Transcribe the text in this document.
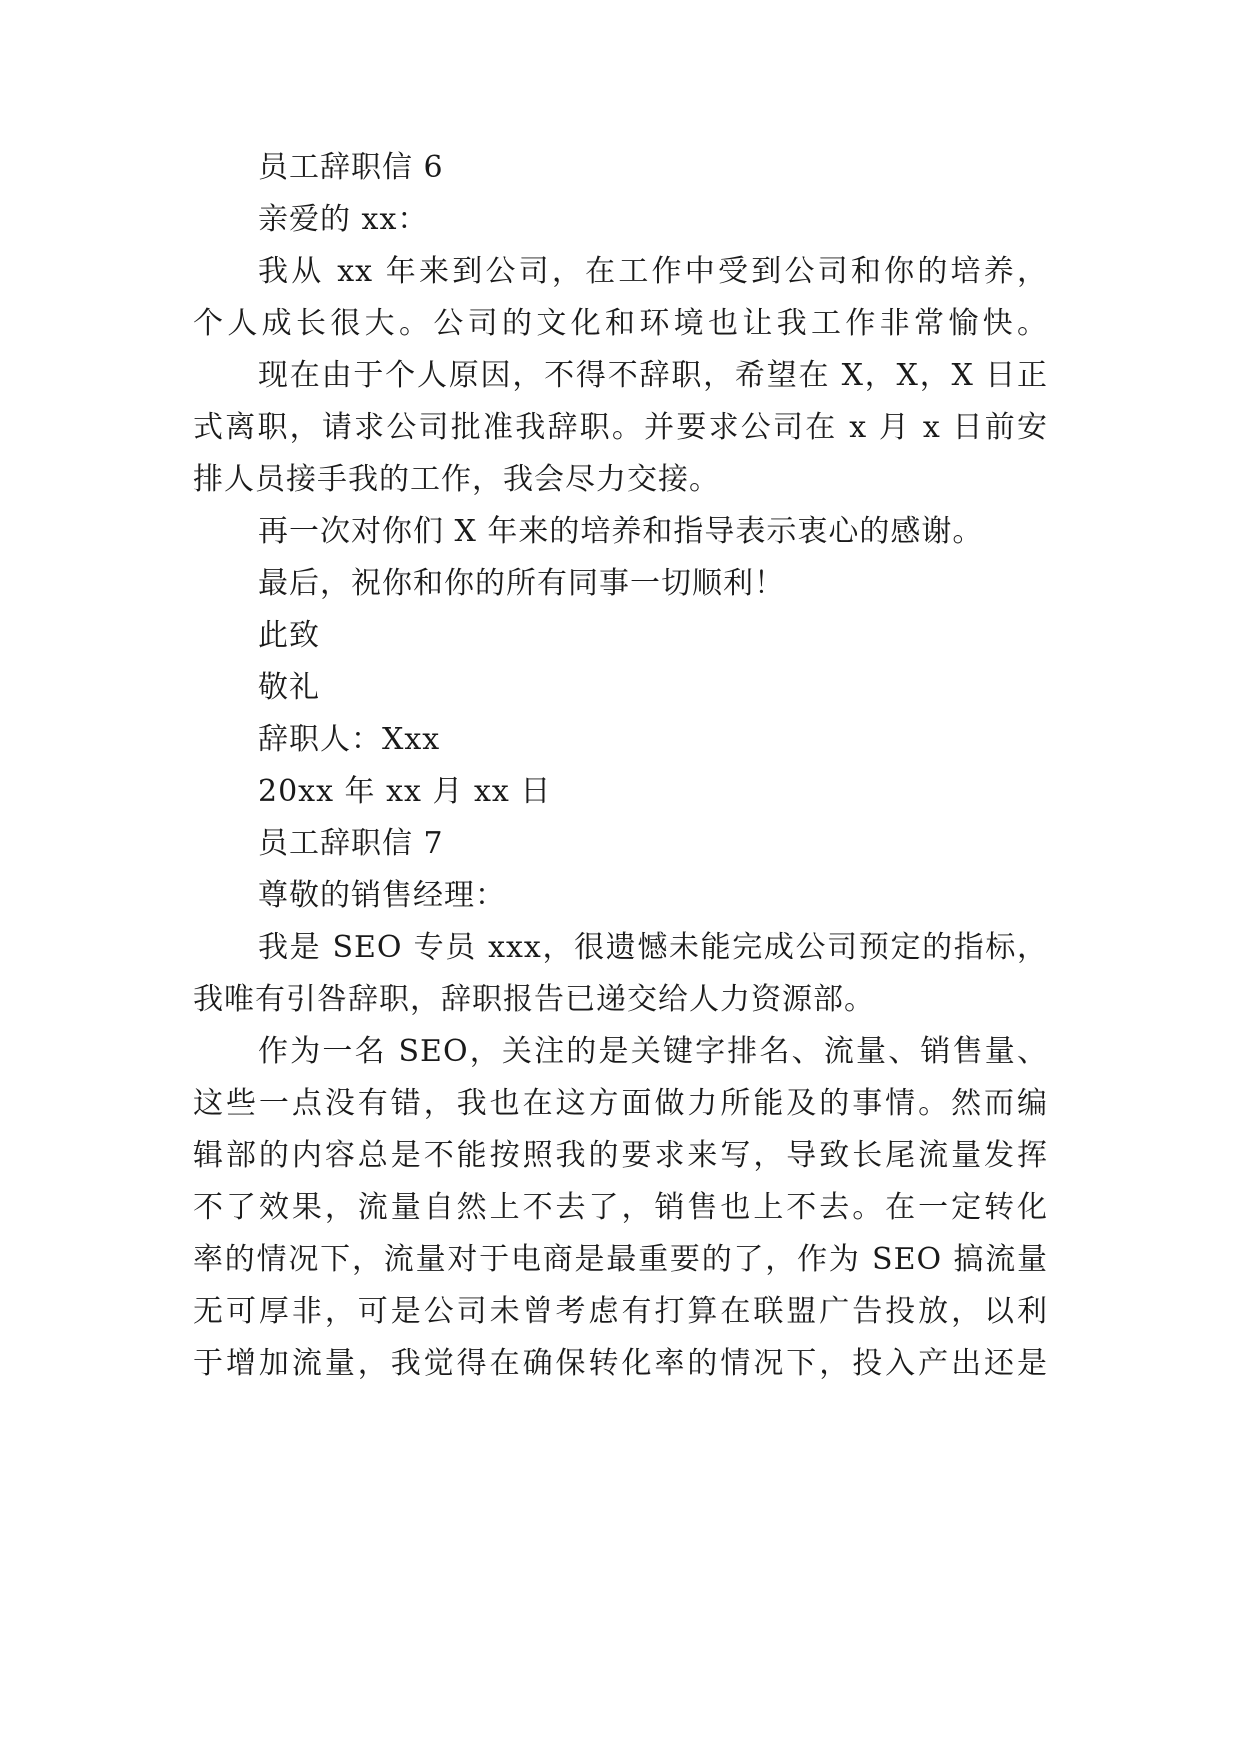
员工辞职信 6

亲爱的 xx：

我从 xx 年来到公司，在工作中受到公司和你的培养，

个人成长很大。公司的文化和环境也让我工作非常愉快。

现在由于个人原因，不得不辞职，希望在 X，X，X 日正

式离职，请求公司批准我辞职。并要求公司在 x 月 x 日前安

排人员接手我的工作，我会尽力交接。

再一次对你们 X 年来的培养和指导表示衷心的感谢。

最后，祝你和你的所有同事一切顺利！

此致

敬礼

辞职人：Xxx

20xx 年 xx 月 xx 日

员工辞职信 7

尊敬的销售经理：

我是 SEO 专员 xxx，很遗憾未能完成公司预定的指标，

我唯有引咎辞职，辞职报告已递交给人力资源部。

作为一名 SEO，关注的是关键字排名、流量、销售量、

这些一点没有错，我也在这方面做力所能及的事情。然而编

辑部的内容总是不能按照我的要求来写，导致长尾流量发挥

不了效果，流量自然上不去了，销售也上不去。在一定转化

率的情况下，流量对于电商是最重要的了，作为 SEO 搞流量

无可厚非，可是公司未曾考虑有打算在联盟广告投放，以利

于增加流量，我觉得在确保转化率的情况下，投入产出还是
